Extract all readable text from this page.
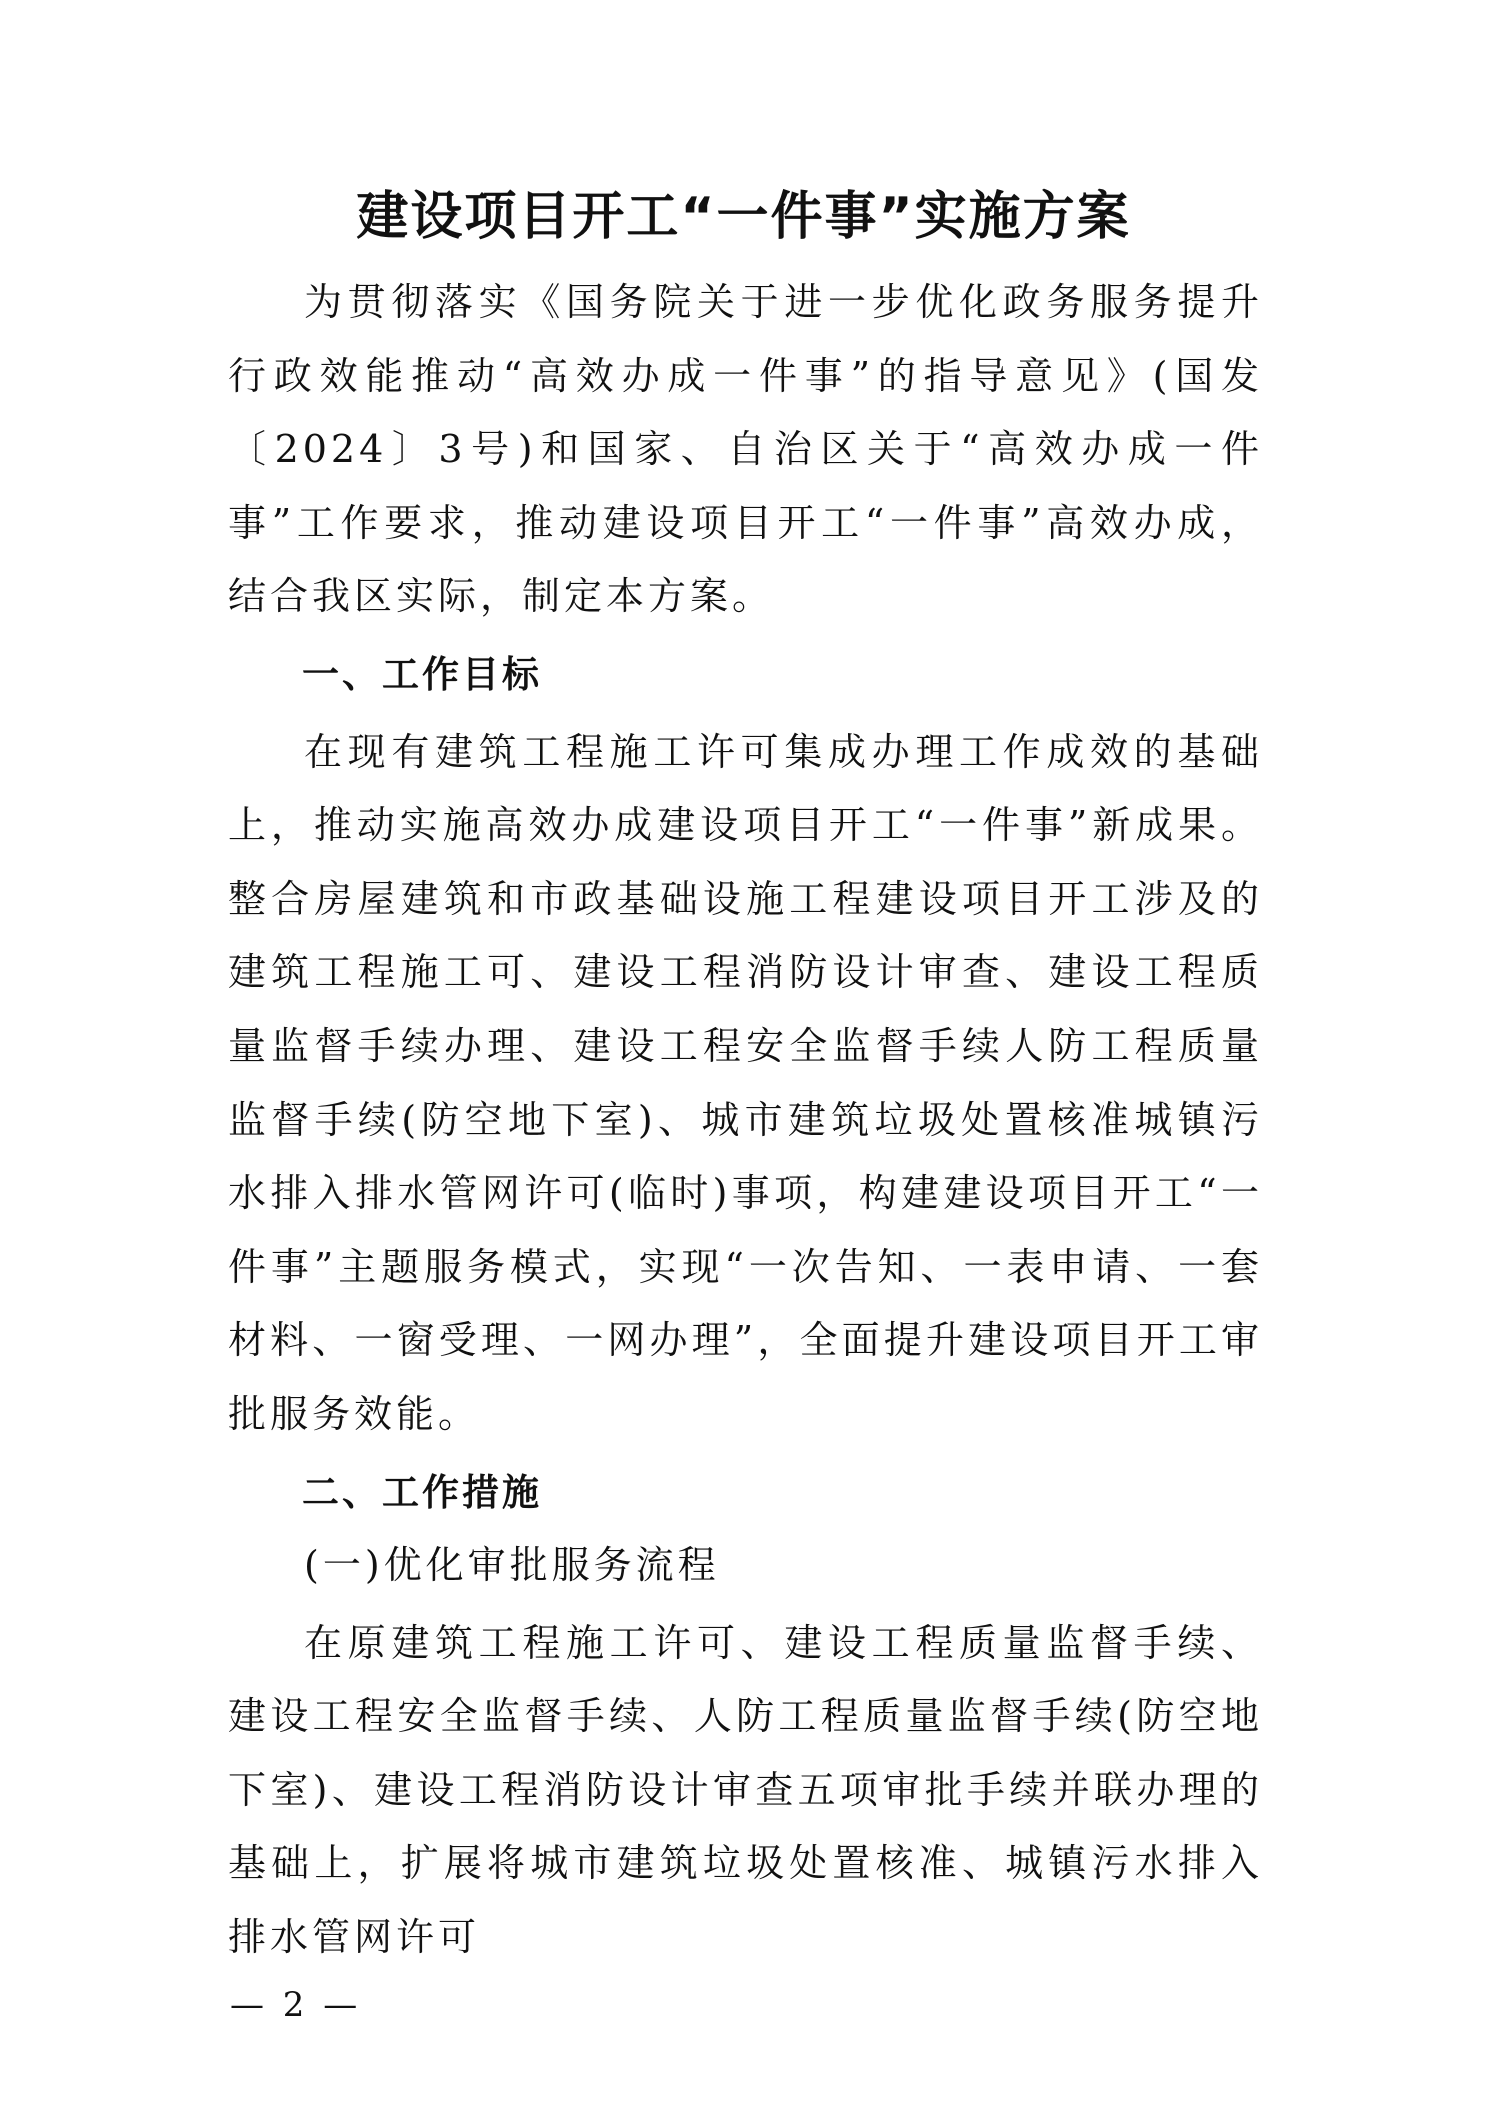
建设项目开工“一件事”实施方案

为贯彻落实《国务院关于进一步优化政务服务提升行政效能推动“高效办成一件事”的指导意见》(国发〔2024〕3号)和国家、自治区关于“高效办成一件事”工作要求，推动建设项目开工“一件事”高效办成，结合我区实际，制定本方案。

一、工作目标

在现有建筑工程施工许可集成办理工作成效的基础上，推动实施高效办成建设项目开工“一件事”新成果。整合房屋建筑和市政基础设施工程建设项目开工涉及的建筑工程施工可、建设工程消防设计审查、建设工程质量监督手续办理、建设工程安全监督手续人防工程质量监督手续(防空地下室)、城市建筑垃圾处置核准城镇污水排入排水管网许可(临时)事项，构建建设项目开工“一件事”主题服务模式，实现“一次告知、一表申请、一套材料、一窗受理、一网办理”，全面提升建设项目开工审批服务效能。

二、工作措施

(一)优化审批服务流程

在原建筑工程施工许可、建设工程质量监督手续、建设工程安全监督手续、人防工程质量监督手续(防空地下室)、建设工程消防设计审查五项审批手续并联办理的基础上，扩展将城市建筑垃圾处置核准、城镇污水排入排水管网许可

— 2 —
